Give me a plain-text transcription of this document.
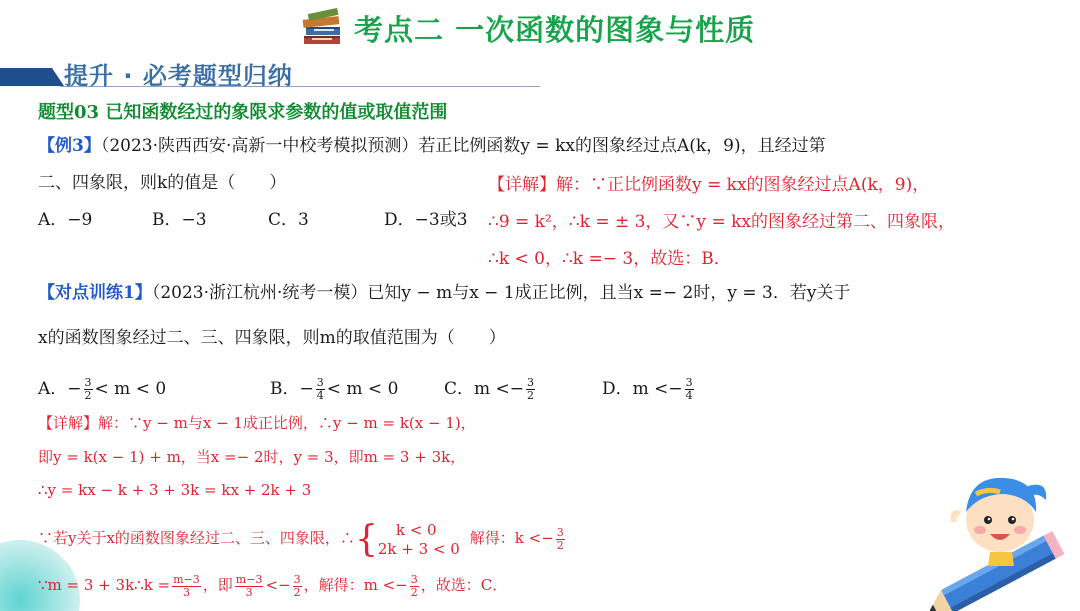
考点二 一次函数的图象与性质
提升 · 必考题型归纳
题型03 已知函数经过的象限求参数的值或取值范围
【例3】（2023·陕西西安·高新一中校考模拟预测）若正比例函数y = kx的图象经过点A(k，9)，且经过第
二、四象限，则k的值是（　　）
A．−9	B．−3	C．3	D．−3或3
【详解】解：∵正比例函数y = kx的图象经过点A(k，9)，
∴9 = k²，∴k = ± 3，又∵y = kx的图象经过第二、四象限，
∴k < 0，∴k =− 3，故选：B．
【对点训练1】（2023·浙江杭州·统考一模）已知y − m与x − 1成正比例，且当x =− 2时，y = 3．若y关于
x的函数图象经过二、三、四象限，则m的取值范围为（　　）
A．− $\frac{3}{2} < m < 0$	B．− $\frac{3}{4} < m < 0$	C．$m <- \frac{3}{2}$	D．$m <- \frac{3}{4}$
【详解】解：∵y − m与x − 1成正比例，∴y − m = k(x − 1)，
即y = k(x − 1) + m，当x =− 2时，y = 3，即m = 3 + 3k，
∴y = kx − k + 3 + 3k = kx + 2k + 3
∵若y关于x的函数图象经过二、三、四象限，∴{	k < 0
2k + 3 < 0
解得：$k <- \frac{3}{2}$
∵m = 3 + 3k∴k = $\frac{m-3}{3}$ ，即 $\frac{m-3}{3} <- \frac{3}{2}$ ，解得：$m <- \frac{3}{2}$ ，故选：C．
